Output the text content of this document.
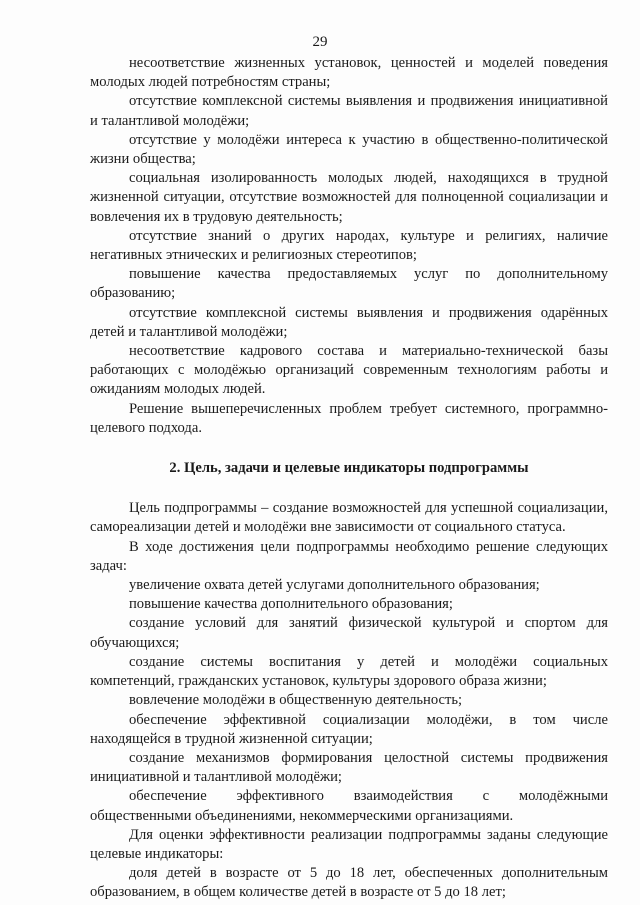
29

несоответствие жизненных установок, ценностей и моделей поведения молодых людей потребностям страны;

отсутствие комплексной системы выявления и продвижения инициативной и талантливой молодёжи;

отсутствие у молодёжи интереса к участию в общественно-политической жизни общества;

социальная изолированность молодых людей, находящихся в трудной жизненной ситуации, отсутствие возможностей для полноценной социализации и вовлечения их в трудовую деятельность;

отсутствие знаний о других народах, культуре и религиях, наличие негативных этнических и религиозных стереотипов;

повышение качества предоставляемых услуг по дополнительному образованию;

отсутствие комплексной системы выявления и продвижения одарённых детей и талантливой молодёжи;

несоответствие кадрового состава и материально-технической базы работающих с молодёжью организаций современным технологиям работы и ожиданиям молодых людей.

Решение вышеперечисленных проблем требует системного, программно-целевого подхода.

2. Цель, задачи и целевые индикаторы подпрограммы

Цель подпрограммы – создание возможностей для успешной социализации, самореализации детей и молодёжи вне зависимости от социального статуса.

В ходе достижения цели подпрограммы необходимо решение следующих задач:

увеличение охвата детей услугами дополнительного образования;

повышение качества дополнительного образования;

создание условий для занятий физической культурой и спортом для обучающихся;

создание системы воспитания у детей и молодёжи социальных компетенций, гражданских установок, культуры здорового образа жизни;

вовлечение молодёжи в общественную деятельность;

обеспечение эффективной социализации молодёжи, в том числе находящейся в трудной жизненной ситуации;

создание механизмов формирования целостной системы продвижения инициативной и талантливой молодёжи;

обеспечение эффективного взаимодействия с молодёжными общественными объединениями, некоммерческими организациями.

Для оценки эффективности реализации подпрограммы заданы следующие целевые индикаторы:

доля детей в возрасте от 5 до 18 лет, обеспеченных дополнительным образованием, в общем количестве детей в возрасте от 5 до 18 лет;
